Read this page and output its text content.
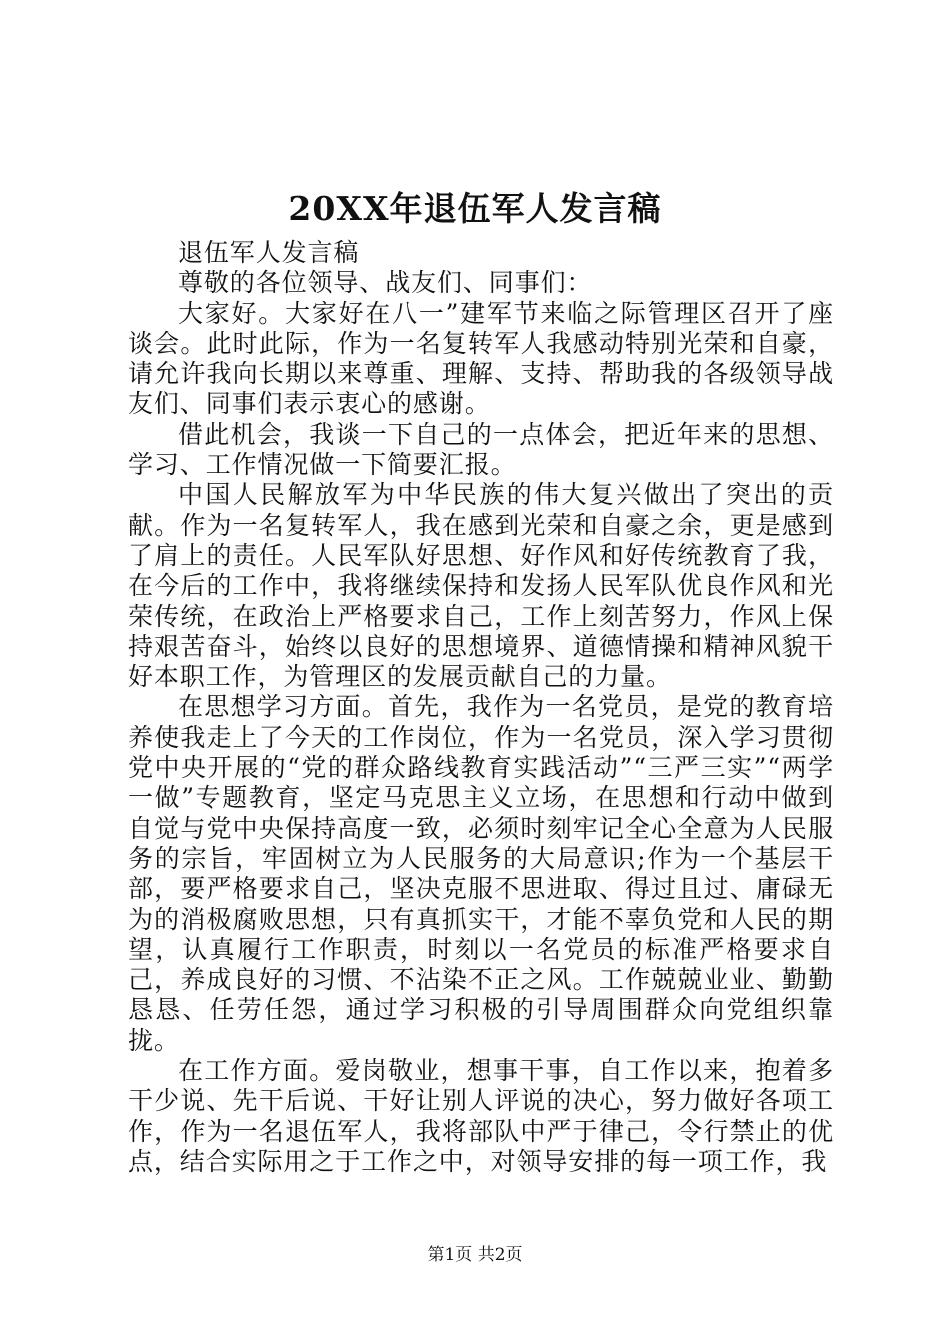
20XX年退伍军人发言稿

退伍军人发言稿

尊敬的各位领导、战友们、同事们：

大家好。大家好在八一”建军节来临之际管理区召开了座谈会。此时此际，作为一名复转军人我感动特别光荣和自豪，请允许我向长期以来尊重、理解、支持、帮助我的各级领导战友们、同事们表示衷心的感谢。

借此机会，我谈一下自己的一点体会，把近年来的思想、学习、工作情况做一下简要汇报。

中国人民解放军为中华民族的伟大复兴做出了突出的贡献。作为一名复转军人，我在感到光荣和自豪之余，更是感到了肩上的责任。人民军队好思想、好作风和好传统教育了我，在今后的工作中，我将继续保持和发扬人民军队优良作风和光荣传统，在政治上严格要求自己，工作上刻苦努力，作风上保持艰苦奋斗，始终以良好的思想境界、道德情操和精神风貌干好本职工作，为管理区的发展贡献自己的力量。

在思想学习方面。首先，我作为一名党员，是党的教育培养使我走上了今天的工作岗位，作为一名党员，深入学习贯彻党中央开展的“党的群众路线教育实践活动”“三严三实”“两学一做”专题教育，坚定马克思主义立场，在思想和行动中做到自觉与党中央保持高度一致，必须时刻牢记全心全意为人民服务的宗旨，牢固树立为人民服务的大局意识;作为一个基层干部，要严格要求自己，坚决克服不思进取、得过且过、庸碌无为的消极腐败思想，只有真抓实干，才能不辜负党和人民的期望，认真履行工作职责，时刻以一名党员的标准严格要求自己，养成良好的习惯、不沾染不正之风。工作兢兢业业、勤勤恳恳、任劳任怨，通过学习积极的引导周围群众向党组织靠拢。

在工作方面。爱岗敬业，想事干事，自工作以来，抱着多干少说、先干后说、干好让别人评说的决心，努力做好各项工作，作为一名退伍军人，我将部队中严于律己，令行禁止的优点，结合实际用之于工作之中，对领导安排的每一项工作，我

第1页 共2页
